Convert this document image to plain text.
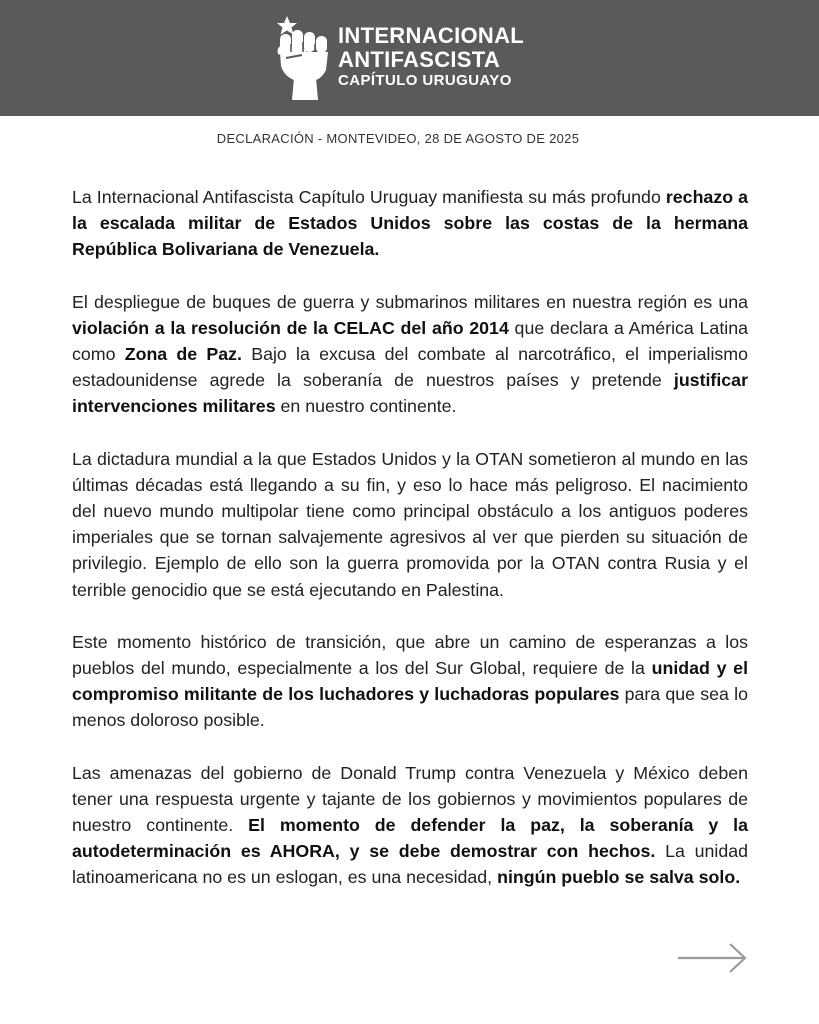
INTERNACIONAL
ANTIFASCISTA
CAPÍTULO URUGUAYO
DECLARACIÓN - MONTEVIDEO, 28 DE AGOSTO DE 2025

La Internacional Antifascista Capítulo Uruguay manifiesta su más profundo rechazo a la escalada militar de Estados Unidos sobre las costas de la hermana República Bolivariana de Venezuela.

El despliegue de buques de guerra y submarinos militares en nuestra región es una violación a la resolución de la CELAC del año 2014 que declara a América Latina como Zona de Paz. Bajo la excusa del combate al narcotráfico, el imperialismo estadounidense agrede la soberanía de nuestros países y pretende justificar intervenciones militares en nuestro continente.

La dictadura mundial a la que Estados Unidos y la OTAN sometieron al mundo en las últimas décadas está llegando a su fin, y eso lo hace más peligroso. El nacimiento del nuevo mundo multipolar tiene como principal obstáculo a los antiguos poderes imperiales que se tornan salvajemente agresivos al ver que pierden su situación de privilegio. Ejemplo de ello son la guerra promovida por la OTAN contra Rusia y el terrible genocidio que se está ejecutando en Palestina.

Este momento histórico de transición, que abre un camino de esperanzas a los pueblos del mundo, especialmente a los del Sur Global, requiere de la unidad y el compromiso militante de los luchadores y luchadoras populares para que sea lo menos doloroso posible.

Las amenazas del gobierno de Donald Trump contra Venezuela y México deben tener una respuesta urgente y tajante de los gobiernos y movimientos populares de nuestro continente. El momento de defender la paz, la soberanía y la autodeterminación es AHORA, y se debe demostrar con hechos. La unidad latinoamericana no es un eslogan, es una necesidad, ningún pueblo se salva solo.
